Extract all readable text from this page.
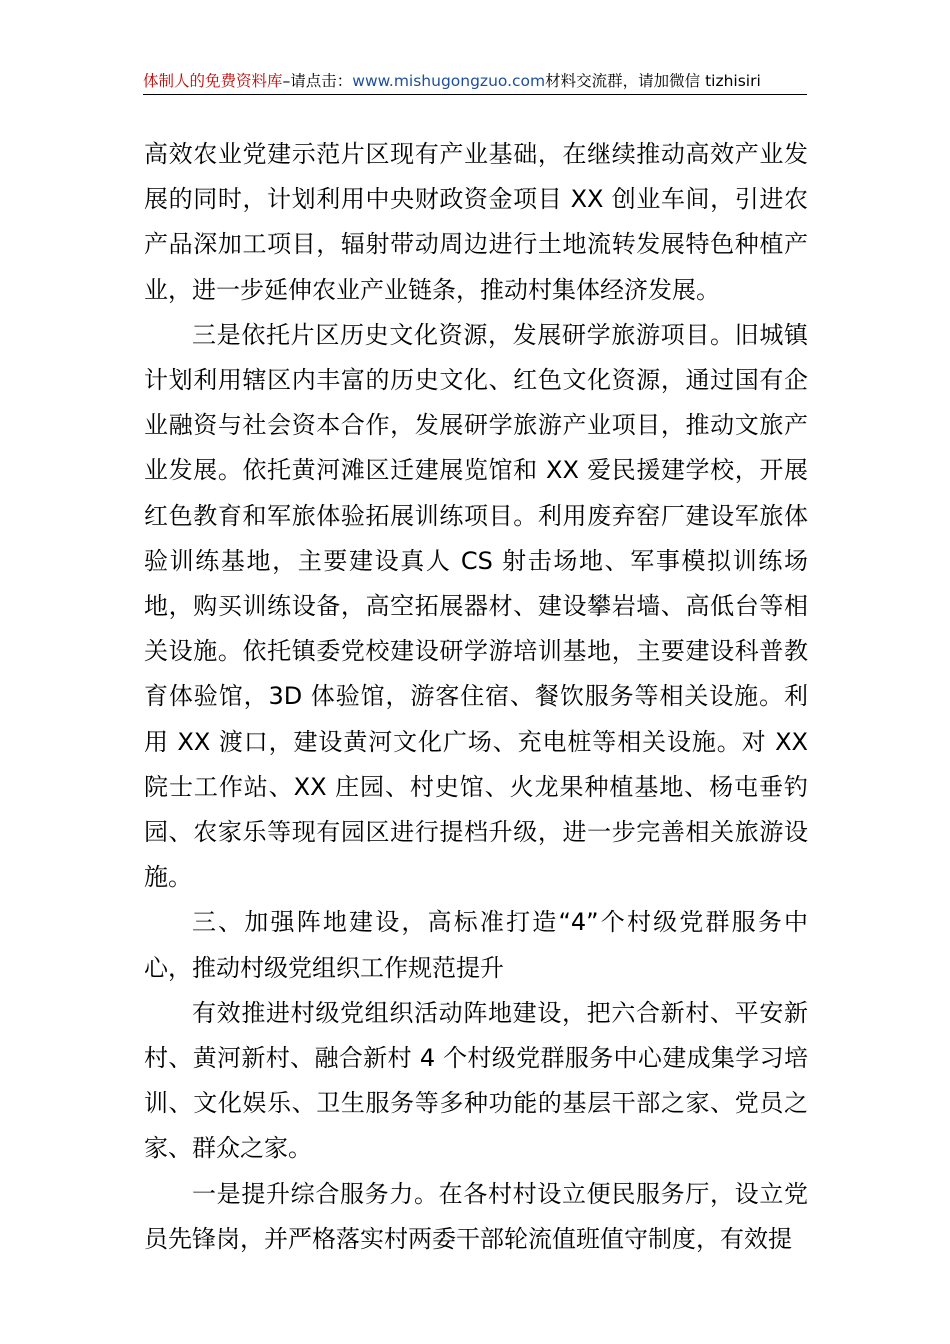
体制人的免费资料库–请点击：www.mishugongzuo.com材料交流群，请加微信 tizhisiri

高效农业党建示范片区现有产业基础，在继续推动高效产业发展的同时，计划利用中央财政资金项目 XX 创业车间，引进农产品深加工项目，辐射带动周边进行土地流转发展特色种植产业，进一步延伸农业产业链条，推动村集体经济发展。

三是依托片区历史文化资源，发展研学旅游项目。旧城镇计划利用辖区内丰富的历史文化、红色文化资源，通过国有企业融资与社会资本合作，发展研学旅游产业项目，推动文旅产业发展。依托黄河滩区迁建展览馆和 XX 爱民援建学校，开展红色教育和军旅体验拓展训练项目。利用废弃窑厂建设军旅体验训练基地，主要建设真人 CS 射击场地、军事模拟训练场地，购买训练设备，高空拓展器材、建设攀岩墙、高低台等相关设施。依托镇委党校建设研学游培训基地，主要建设科普教育体验馆，3D 体验馆，游客住宿、餐饮服务等相关设施。利用 XX 渡口，建设黄河文化广场、充电桩等相关设施。对 XX 院士工作站、XX 庄园、村史馆、火龙果种植基地、杨屯垂钓园、农家乐等现有园区进行提档升级，进一步完善相关旅游设施。

三、加强阵地建设，高标准打造“4”个村级党群服务中心，推动村级党组织工作规范提升

有效推进村级党组织活动阵地建设，把六合新村、平安新村、黄河新村、融合新村 4 个村级党群服务中心建成集学习培训、文化娱乐、卫生服务等多种功能的基层干部之家、党员之家、群众之家。

一是提升综合服务力。在各村村设立便民服务厅，设立党员先锋岗，并严格落实村两委干部轮流值班值守制度，有效提
